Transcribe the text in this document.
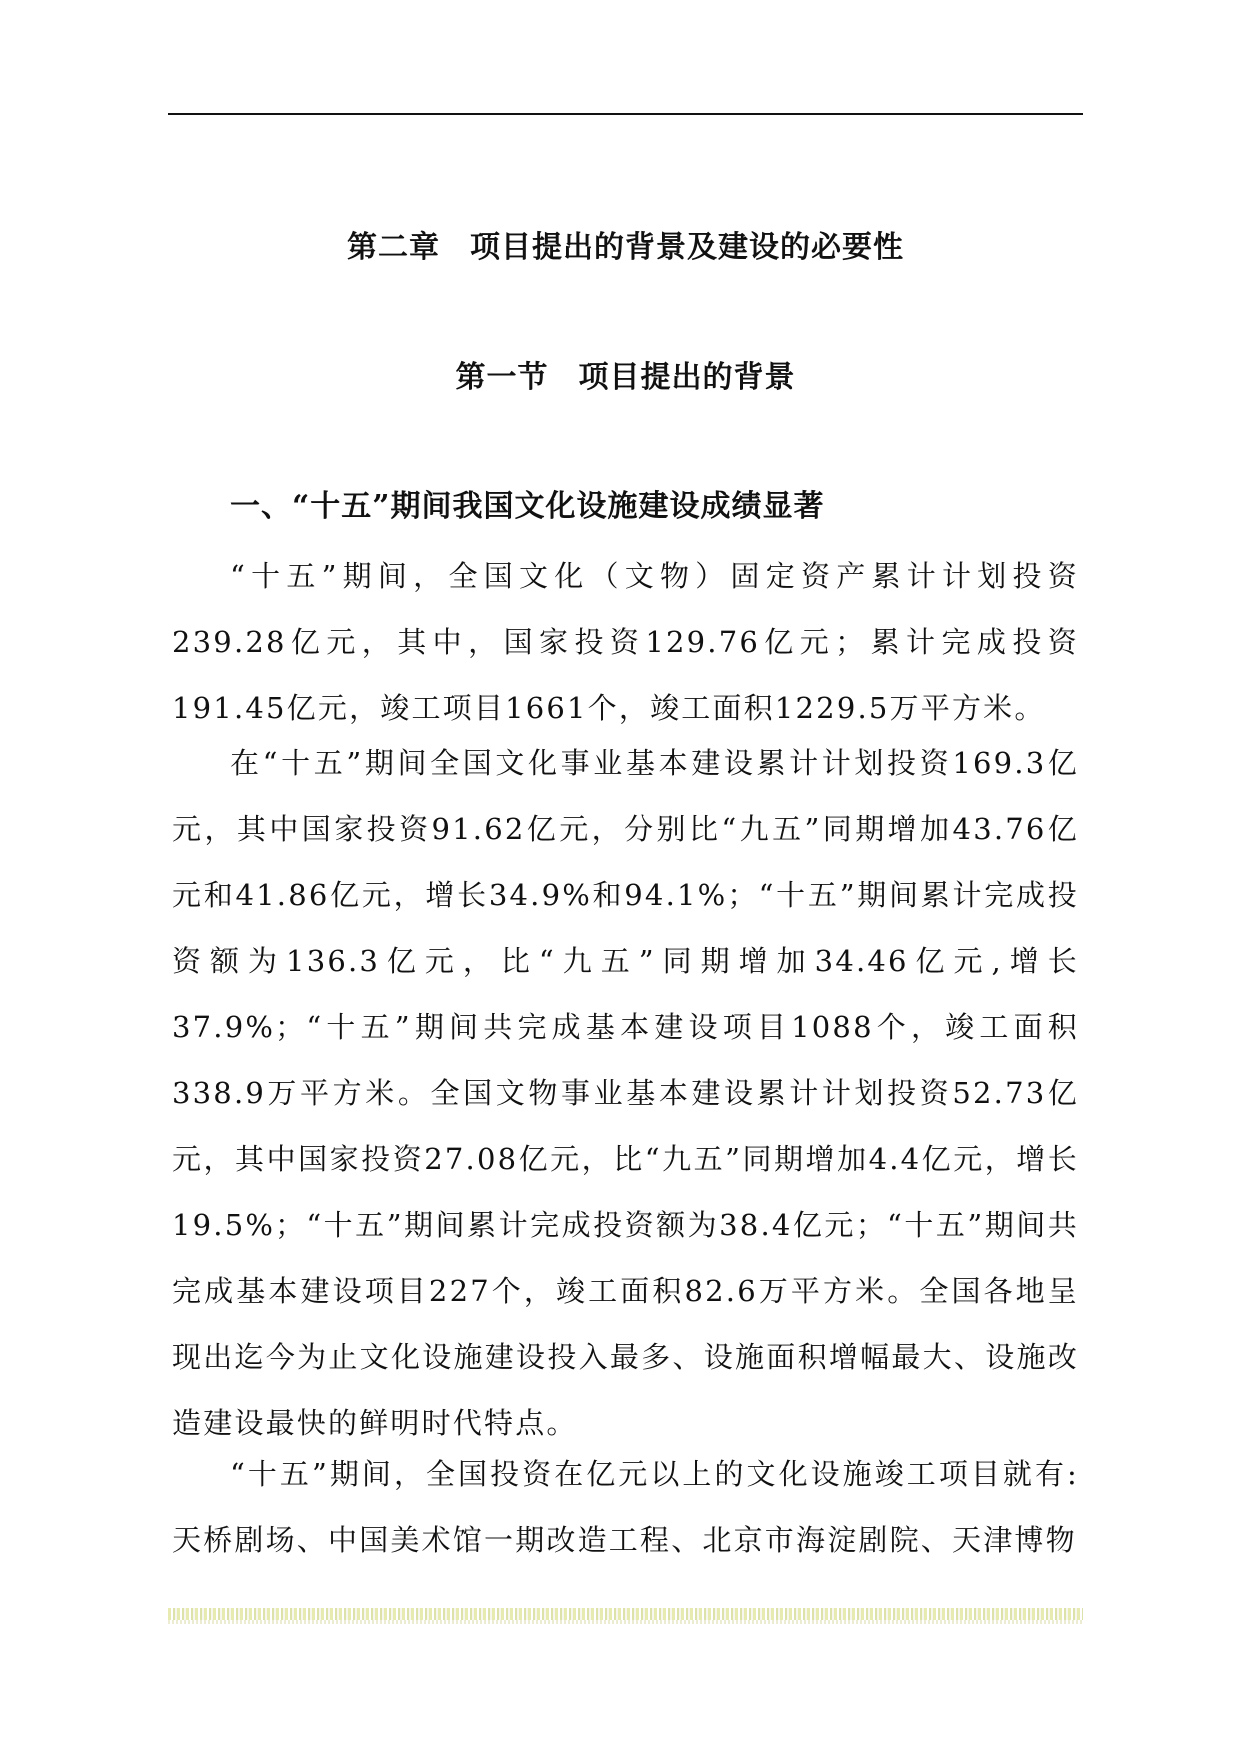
第二章 项目提出的背景及建设的必要性
第一节 项目提出的背景
一、“十五”期间我国文化设施建设成绩显著

“十五”期间，全国文化（文物）固定资产累计计划投资239.28亿元，其中，国家投资129.76亿元；累计完成投资191.45亿元，竣工项目1661个，竣工面积1229.5万平方米。

在“十五”期间全国文化事业基本建设累计计划投资169.3亿元，其中国家投资91.62亿元，分别比“九五”同期增加43.76亿元和41.86亿元，增长34.9%和94.1%；“十五”期间累计完成投资额为136.3亿元，比“九五”同期增加34.46亿元,增长37.9%；“十五”期间共完成基本建设项目1088个，竣工面积338.9万平方米。全国文物事业基本建设累计计划投资52.73亿元，其中国家投资27.08亿元，比“九五”同期增加4.4亿元，增长19.5%；“十五”期间累计完成投资额为38.4亿元；“十五”期间共完成基本建设项目227个，竣工面积82.6万平方米。全国各地呈现出迄今为止文化设施建设投入最多、设施面积增幅最大、设施改造建设最快的鲜明时代特点。

“十五”期间，全国投资在亿元以上的文化设施竣工项目就有:天桥剧场、中国美术馆一期改造工程、北京市海淀剧院、天津博物
